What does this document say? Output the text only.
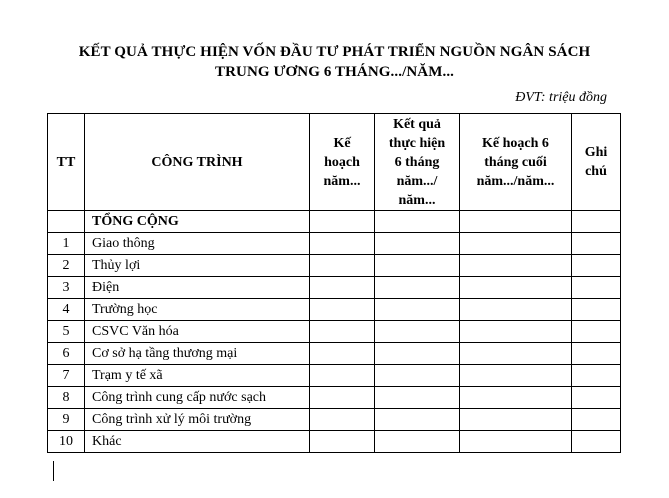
KẾT QUẢ THỰC HIỆN VỐN ĐẦU TƯ PHÁT TRIỂN NGUỒN NGÂN SÁCH
TRUNG ƯƠNG 6 THÁNG.../NĂM...
ĐVT: triệu đồng
TT	CÔNG TRÌNH	Kế
hoạch
năm...	Kết quả
thực hiện
6 tháng
năm.../
năm...	Kế hoạch 6
tháng cuối
năm.../năm...	Ghi
chú
	TỔNG CỘNG				
1	Giao thông				
2	Thủy lợi				
3	Điện				
4	Trường học				
5	CSVC Văn hóa				
6	Cơ sở hạ tầng thương mại				
7	Trạm y tế xã				
8	Công trình cung cấp nước sạch				
9	Công trình xử lý môi trường				
10	Khác				
